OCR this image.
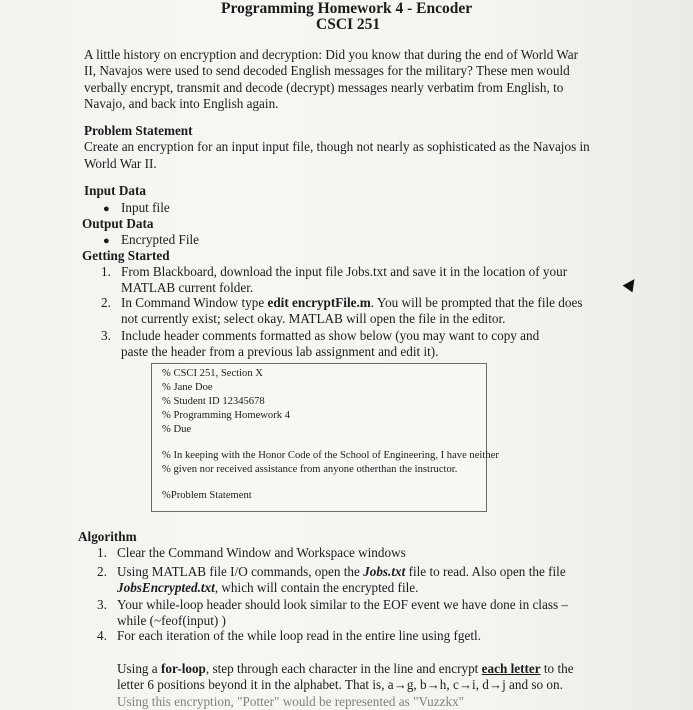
Programming Homework 4 - Encoder
CSCI 251
A little history on encryption and decryption: Did you know that during the end of World War
II, Navajos were used to send decoded English messages for the military? These men would
verbally encrypt, transmit and decode (decrypt) messages nearly verbatim from English, to
Navajo, and back into English again.
Problem Statement
Create an encryption for an input input file, though not nearly as sophisticated as the Navajos in
World War II.
Input Data
● Input file
Output Data
● Encrypted File
Getting Started
1. From Blackboard, download the input file Jobs.txt and save it in the location of your
MATLAB current folder.
2. In Command Window type edit encryptFile.m. You will be prompted that the file does
not currently exist; select okay. MATLAB will open the file in the editor.
3. Include header comments formatted as show below (you may want to copy and
paste the header from a previous lab assignment and edit it).
% CSCI 251, Section X
% Jane Doe
% Student ID 12345678
% Programming Homework 4
% Due
% In keeping with the Honor Code of the School of Engineering, I have neither
% given nor received assistance from anyone otherthan the instructor.
%Problem Statement
Algorithm
1. Clear the Command Window and Workspace windows
2. Using MATLAB file I/O commands, open the Jobs.txt file to read. Also open the file
JobsEncrypted.txt, which will contain the encrypted file.
3. Your while-loop header should look similar to the EOF event we have done in class –
while (~feof(input) )
4. For each iteration of the while loop read in the entire line using fgetl.
Using a for-loop, step through each character in the line and encrypt each letter to the
letter 6 positions beyond it in the alphabet. That is, a→g, b→h, c→i, d→j and so on.
Using this encryption, "Potter" would be represented as "Vuzzkx"
